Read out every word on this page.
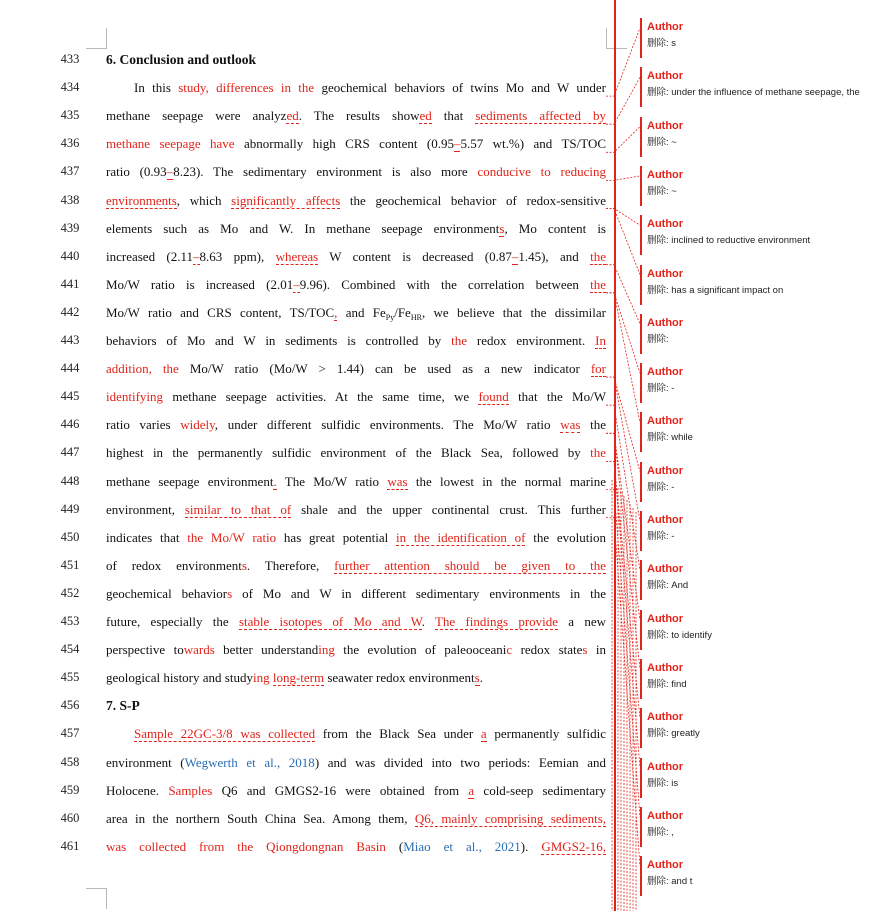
433	6. Conclusion and outlook
434	In this study, differences in the geochemical behaviors of twins Mo and W under
435	methane seepage were analyzed. The results showed that sediments affected by
436	methane seepage have abnormally high CRS content (0.95–5.57 wt.%) and TS/TOC
437	ratio (0.93–8.23). The sedimentary environment is also more conducive to reducing
438	environments, which significantly affects the geochemical behavior of redox-sensitive
439	elements such as Mo and W. In methane seepage environments, Mo content is
440	increased (2.11–8.63 ppm), whereas W content is decreased (0.87–1.45), and the
441	Mo/W ratio is increased (2.01–9.96). Combined with the correlation between the
442	Mo/W ratio and CRS content, TS/TOC, and $Fe_{Py}/Fe_{HR}$, we believe that the dissimilar
443	behaviors of Mo and W in sediments is controlled by the redox environment. In
444	addition, the Mo/W ratio (Mo/W > 1.44) can be used as a new indicator for
445	identifying methane seepage activities. At the same time, we found that the Mo/W
446	ratio varies widely, under different sulfidic environments. The Mo/W ratio was the
447	highest in the permanently sulfidic environment of the Black Sea, followed by the
448	methane seepage environment. The Mo/W ratio was the lowest in the normal marine
449	environment, similar to that of shale and the upper continental crust. This further
450	indicates that the Mo/W ratio has great potential in the identification of the evolution
451	of redox environments. Therefore, further attention should be given to the
452	geochemical behaviors of Mo and W in different sedimentary environments in the
453	future, especially the stable isotopes of Mo and W. The findings provide a new
454	perspective towards better understanding the evolution of paleooceanic redox states in
455	geological history and studying long-term seawater redox environments.
456	7. S-P
457	Sample 22GC-3/8 was collected from the Black Sea under a permanently sulfidic
458	environment (Wegwerth et al., 2018) and was divided into two periods: Eemian and
459	Holocene. Samples Q6 and GMGS2-16 were obtained from a cold-seep sedimentary
460	area in the northern South China Sea. Among them, Q6, mainly comprising sediments,
461	was collected from the Qiongdongnan Basin (Miao et al., 2021). GMGS2-16,
Author
删除: s
Author
删除: under the influence of methane seepage, the
Author
删除: ~
Author
删除: ~
Author
删除: inclined to reductive environment
Author
删除: has a significant impact on
Author
删除:
Author
删除: -
Author
删除: while
Author
删除: -
Author
删除: -
Author
删除: And
Author
删除: to identify
Author
删除: find
Author
删除: greatly
Author
删除: is
Author
删除: ,
Author
删除: and t
